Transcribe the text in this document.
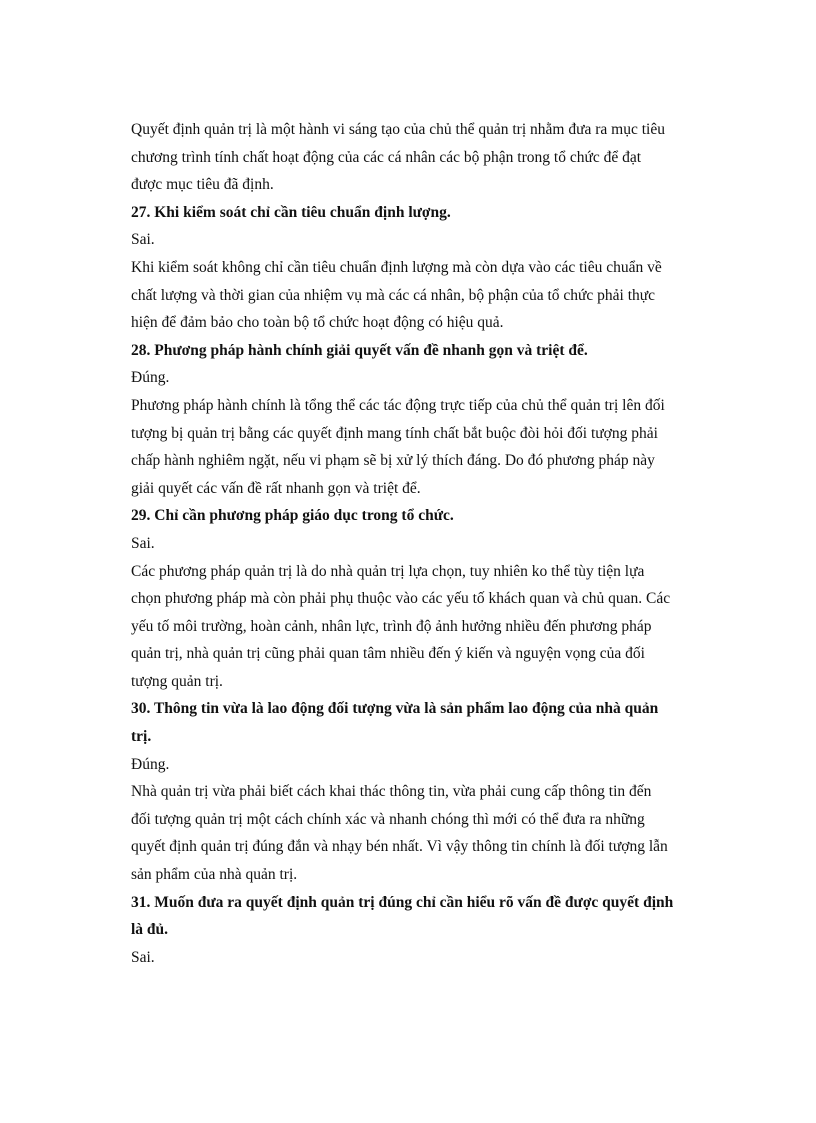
Quyết định quản trị là một hành vi sáng tạo của chủ thể quản trị nhằm đưa ra mục tiêu

chương trình tính chất hoạt động của các cá nhân các bộ phận trong tổ chức để đạt

được mục tiêu đã định.

27. Khi kiểm soát chỉ cần tiêu chuẩn định lượng.

Sai.

Khi kiểm soát không chỉ cần tiêu chuẩn định lượng mà còn dựa vào các tiêu chuẩn về

chất lượng và thời gian của nhiệm vụ mà các cá nhân, bộ phận của tổ chức phải thực

hiện để đảm bảo cho toàn bộ tổ chức hoạt động có hiệu quả.

28. Phương pháp hành chính giải quyết vấn đề nhanh gọn và triệt để.

Đúng.

Phương pháp hành chính là tổng thể các tác động trực tiếp của chủ thể quản trị lên đối

tượng bị quản trị bằng các quyết định mang tính chất bắt buộc đòi hỏi đối tượng phải

chấp hành nghiêm ngặt, nếu vi phạm sẽ bị xử lý thích đáng. Do đó phương pháp này

giải quyết các vấn đề rất nhanh gọn và triệt để.

29. Chỉ cần phương pháp giáo dục trong tổ chức.

Sai.

Các phương pháp quản trị là do nhà quản trị lựa chọn, tuy nhiên ko thể tùy tiện lựa

chọn phương pháp mà còn phải phụ thuộc vào các yếu tố khách quan và chủ quan. Các

yếu tố môi trường, hoàn cảnh, nhân lực, trình độ ảnh hưởng nhiều đến phương pháp

quản trị, nhà quản trị cũng phải quan tâm nhiều đến ý kiến và nguyện vọng của đối

tượng quản trị.

30. Thông tin vừa là lao động đối tượng vừa là sản phẩm lao động của nhà quản

trị.

Đúng.

Nhà quản trị vừa phải biết cách khai thác thông tin, vừa phải cung cấp thông tin đến

đối tượng quản trị một cách chính xác và nhanh chóng thì mới có thể đưa ra những

quyết định quản trị đúng đắn và nhạy bén nhất. Vì vậy thông tin chính là đối tượng lẫn

sản phẩm của nhà quản trị.

31. Muốn đưa ra quyết định quản trị đúng chỉ cần hiểu rõ vấn đề được quyết định

là đủ.

Sai.
